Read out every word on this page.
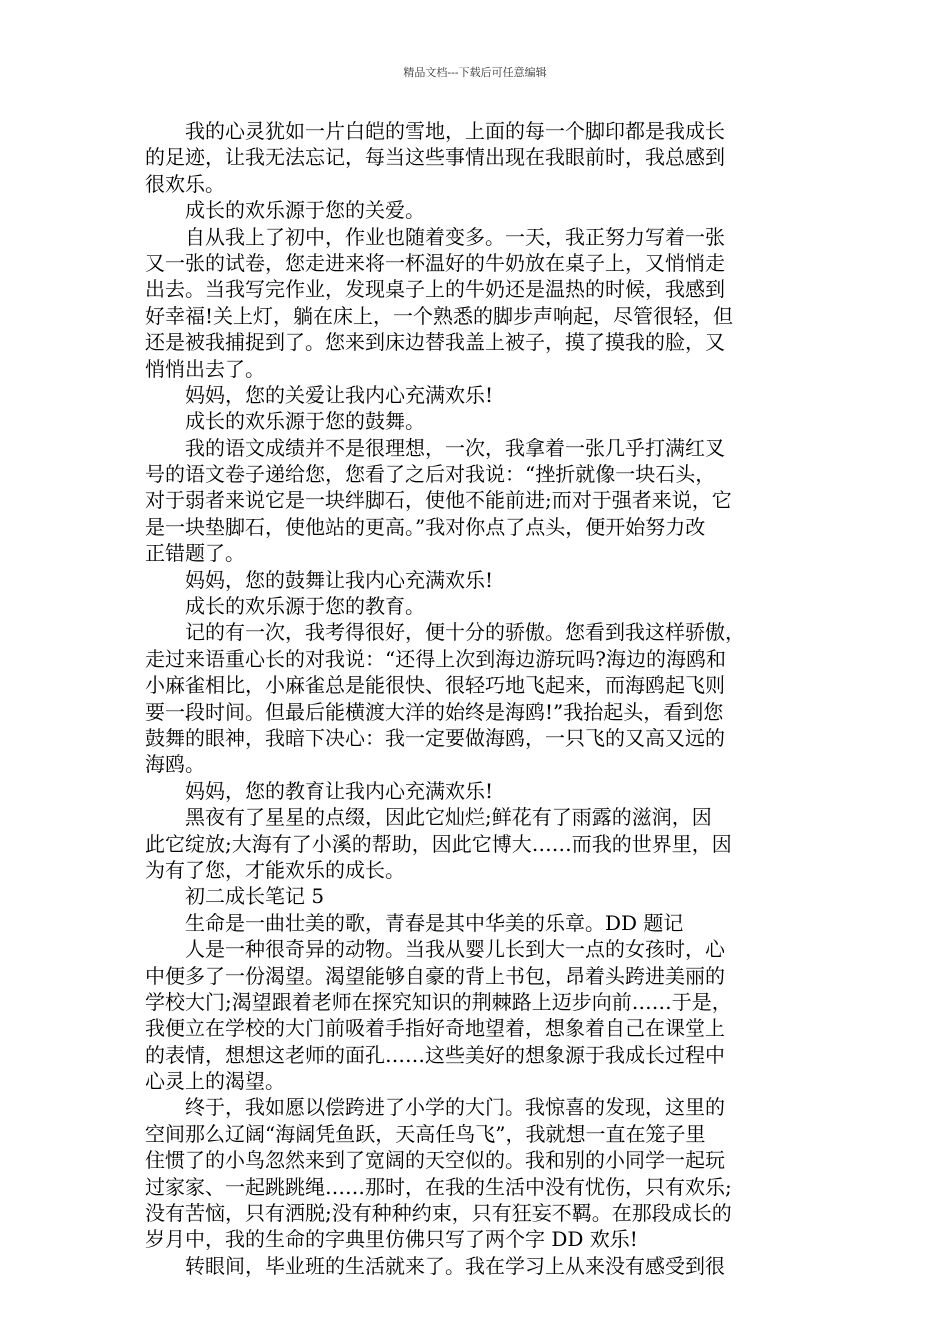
精品文档---下载后可任意编辑
　　我的心灵犹如一片白皑的雪地，上面的每一个脚印都是我成长
的足迹，让我无法忘记，每当这些事情出现在我眼前时，我总感到
很欢乐。
　　成长的欢乐源于您的关爱。
　　自从我上了初中，作业也随着变多。一天，我正努力写着一张
又一张的试卷，您走进来将一杯温好的牛奶放在桌子上，又悄悄走
出去。当我写完作业，发现桌子上的牛奶还是温热的时候，我感到
好幸福!关上灯，躺在床上，一个熟悉的脚步声响起，尽管很轻，但
还是被我捕捉到了。您来到床边替我盖上被子，摸了摸我的脸，又
悄悄出去了。
　　妈妈，您的关爱让我内心充满欢乐!
　　成长的欢乐源于您的鼓舞。
　　我的语文成绩并不是很理想，一次，我拿着一张几乎打满红叉
号的语文卷子递给您，您看了之后对我说：“挫折就像一块石头，
对于弱者来说它是一块绊脚石，使他不能前进;而对于强者来说，它
是一块垫脚石，使他站的更高。”我对你点了点头，便开始努力改
正错题了。
　　妈妈，您的鼓舞让我内心充满欢乐!
　　成长的欢乐源于您的教育。
　　记的有一次，我考得很好，便十分的骄傲。您看到我这样骄傲，
走过来语重心长的对我说：“还得上次到海边游玩吗?海边的海鸥和
小麻雀相比，小麻雀总是能很快、很轻巧地飞起来，而海鸥起飞则
要一段时间。但最后能横渡大洋的始终是海鸥!”我抬起头，看到您
鼓舞的眼神，我暗下决心：我一定要做海鸥，一只飞的又高又远的
海鸥。
　　妈妈，您的教育让我内心充满欢乐!
　　黑夜有了星星的点缀，因此它灿烂;鲜花有了雨露的滋润，因
此它绽放;大海有了小溪的帮助，因此它博大……而我的世界里，因
为有了您，才能欢乐的成长。
　　初二成长笔记 5
　　生命是一曲壮美的歌，青春是其中华美的乐章。DD 题记
　　人是一种很奇异的动物。当我从婴儿长到大一点的女孩时，心
中便多了一份渴望。渴望能够自豪的背上书包，昂着头跨进美丽的
学校大门;渴望跟着老师在探究知识的荆棘路上迈步向前……于是，
我便立在学校的大门前吸着手指好奇地望着，想象着自己在课堂上
的表情，想想这老师的面孔……这些美好的想象源于我成长过程中
心灵上的渴望。
　　终于，我如愿以偿跨进了小学的大门。我惊喜的发现，这里的
空间那么辽阔“海阔凭鱼跃，天高任鸟飞”，我就想一直在笼子里
住惯了的小鸟忽然来到了宽阔的天空似的。我和别的小同学一起玩
过家家、一起跳跳绳……那时，在我的生活中没有忧伤，只有欢乐;
没有苦恼，只有洒脱;没有种种约束，只有狂妄不羁。在那段成长的
岁月中，我的生命的字典里仿佛只写了两个字 DD 欢乐!
　　转眼间，毕业班的生活就来了。我在学习上从来没有感受到很
